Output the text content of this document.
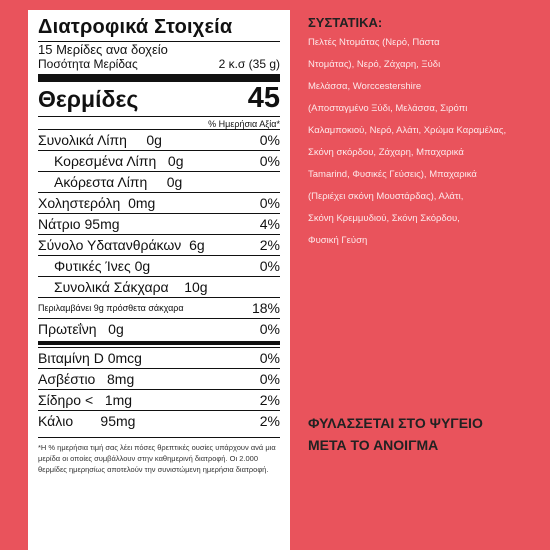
Διατροφικά Στοιχεία
15 Μερίδες ανα δοχείο
Ποσότητα Μερίδας	2 κ.σ (35 g)
Θερμίδες	45
% Ημερήσια Αξία*
Συνολικά Λίπη 0g	0%
Κορεσμένα Λίπη 0g	0%
Ακόρεστα Λίπη 0g
Χοληστερόλη 0mg	0%
Νάτριο 95mg	4%
Σύνολο Υδατανθράκων 6g	2%
Φυτικές Ίνες 0g	0%
Συνολικά Σάκχαρα 10g
Περιλαμβάνει 9g πρόσθετα σάκχαρα	18%
Πρωτεΐνη 0g	0%
Βιταμίνη D 0mcg	0%
Ασβέστιο 8mg	0%
Σίδηρο < 1mg	2%
Κάλιο 95mg	2%
*Η % ημερήσια τιμή σας λέει πόσες θρεπτικές ουσίες υπάρχουν ανά μια μερίδα οι οποίες συμβάλλουν στην καθημερινή διατροφή. Οι 2.000 θερμίδες ημερησίως αποτελούν την συνιστώμενη ημερήσια διατροφή.
ΣΥΣΤΑΤΙΚΑ:
Πελτές Ντομάτας (Νερό, Πάστα
Ντομάτας), Νερό, Ζάχαρη, Ξύδι
Μελάσσα, Worccestershire
(Αποσταγμένο Ξύδι, Μελάσσα, Σιρόπι
Καλαμποκιού, Νερό, Αλάτι, Χρώμα Καραμέλας,
Σκόνη σκόρδου, Ζάχαρη, Μπαχαρικά
Tamarind, Φυσικές Γεύσεις), Μπαχαρικά
(Περιέχει σκόνη Μουστάρδας), Αλάτι,
Σκόνη Κρεμμυδιού, Σκόνη Σκόρδου,
Φυσική Γεύση
ΦΥΛΑΣΣΕΤΑΙ ΣΤΟ ΨΥΓΕΙΟ
ΜΕΤΑ ΤΟ ΑΝΟΙΓΜΑ
